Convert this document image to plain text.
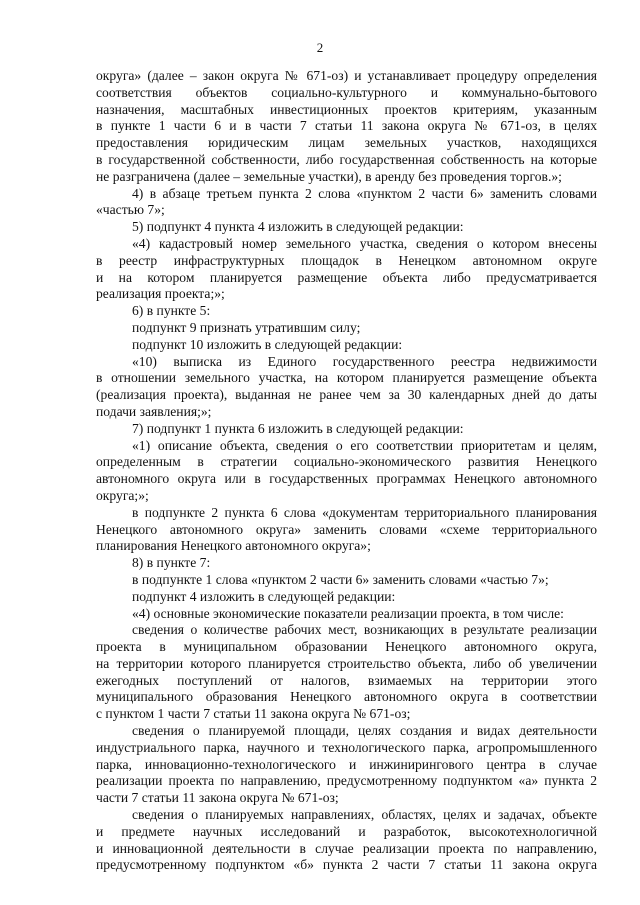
2
округа» (далее – закон округа № 671-оз) и устанавливает процедуру определения
соответствия объектов социально-культурного и коммунально-бытового
назначения, масштабных инвестиционных проектов критериям, указанным
в пункте 1 части 6 и в части 7 статьи 11 закона округа № 671-оз, в целях
предоставления юридическим лицам земельных участков, находящихся
в государственной собственности, либо государственная собственность на которые
не разграничена (далее – земельные участки), в аренду без проведения торгов.»;
4) в абзаце третьем пункта 2 слова «пунктом 2 части 6» заменить словами
«частью 7»;
5) подпункт 4 пункта 4 изложить в следующей редакции:
«4) кадастровый номер земельного участка, сведения о котором внесены
в реестр инфраструктурных площадок в Ненецком автономном округе
и на котором планируется размещение объекта либо предусматривается
реализация проекта;»;
6) в пункте 5:
подпункт 9 признать утратившим силу;
подпункт 10 изложить в следующей редакции:
«10) выписка из Единого государственного реестра недвижимости
в отношении земельного участка, на котором планируется размещение объекта
(реализация проекта), выданная не ранее чем за 30 календарных дней до даты
подачи заявления;»;
7) подпункт 1 пункта 6 изложить в следующей редакции:
«1) описание объекта, сведения о его соответствии приоритетам и целям,
определенным в стратегии социально-экономического развития Ненецкого
автономного округа или в государственных программах Ненецкого автономного
округа;»;
в подпункте 2 пункта 6 слова «документам территориального планирования
Ненецкого автономного округа» заменить словами «схеме территориального
планирования Ненецкого автономного округа»;
8) в пункте 7:
в подпункте 1 слова «пунктом 2 части 6» заменить словами «частью 7»;
подпункт 4 изложить в следующей редакции:
«4) основные экономические показатели реализации проекта, в том числе:
сведения о количестве рабочих мест, возникающих в результате реализации
проекта в муниципальном образовании Ненецкого автономного округа,
на территории которого планируется строительство объекта, либо об увеличении
ежегодных поступлений от налогов, взимаемых на территории этого
муниципального образования Ненецкого автономного округа в соответствии
с пунктом 1 части 7 статьи 11 закона округа № 671-оз;
сведения о планируемой площади, целях создания и видах деятельности
индустриального парка, научного и технологического парка, агропромышленного
парка, инновационно-технологического и инжинирингового центра в случае
реализации проекта по направлению, предусмотренному подпунктом «а» пункта 2
части 7 статьи 11 закона округа № 671-оз;
сведения о планируемых направлениях, областях, целях и задачах, объекте
и предмете научных исследований и разработок, высокотехнологичной
и инновационной деятельности в случае реализации проекта по направлению,
предусмотренному подпунктом «б» пункта 2 части 7 статьи 11 закона округа
